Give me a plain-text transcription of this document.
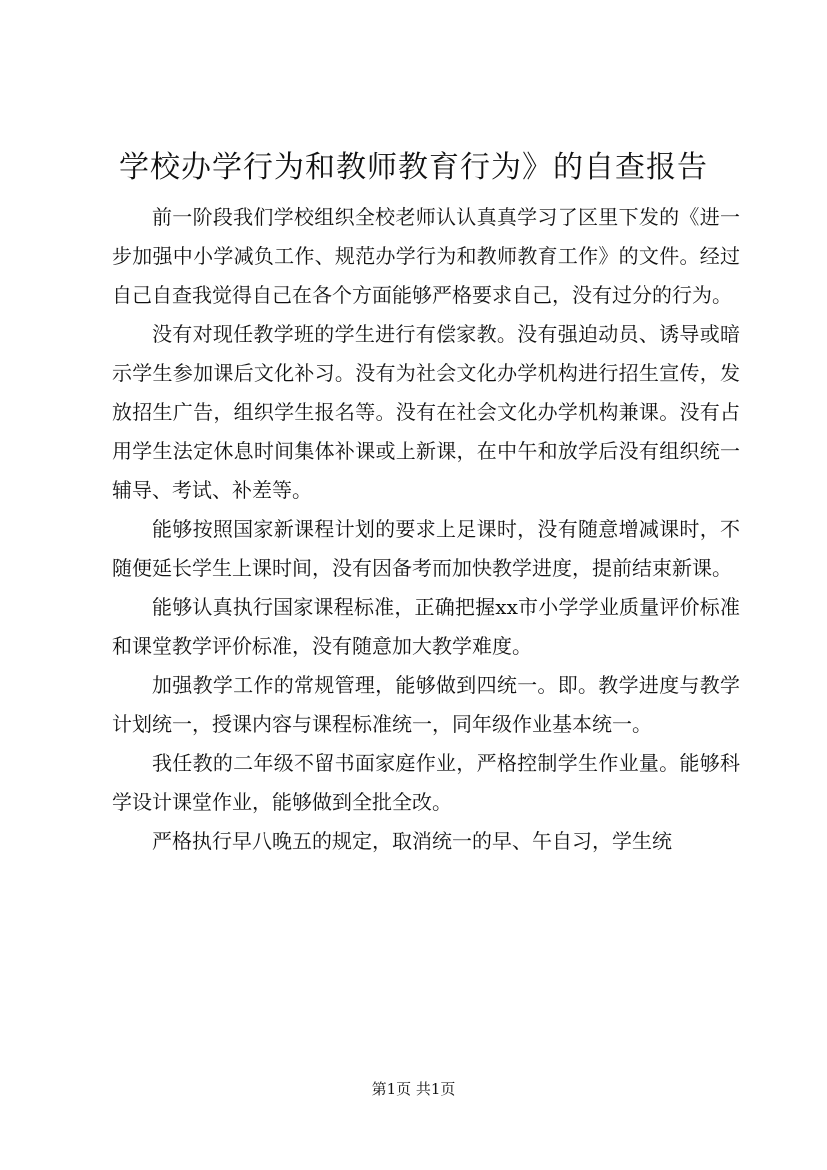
学校办学行为和教师教育行为》的自查报告

前一阶段我们学校组织全校老师认认真真学习了区里下发的《进一步加强中小学减负工作、规范办学行为和教师教育工作》的文件。经过自己自查我觉得自己在各个方面能够严格要求自己，没有过分的行为。

没有对现任教学班的学生进行有偿家教。没有强迫动员、诱导或暗示学生参加课后文化补习。没有为社会文化办学机构进行招生宣传，发放招生广告，组织学生报名等。没有在社会文化办学机构兼课。没有占用学生法定休息时间集体补课或上新课，在中午和放学后没有组织统一辅导、考试、补差等。

能够按照国家新课程计划的要求上足课时，没有随意增减课时，不随便延长学生上课时间，没有因备考而加快教学进度，提前结束新课。

能够认真执行国家课程标准，正确把握xx市小学学业质量评价标准和课堂教学评价标准，没有随意加大教学难度。

加强教学工作的常规管理，能够做到四统一。即。教学进度与教学计划统一，授课内容与课程标准统一，同年级作业基本统一。

我任教的二年级不留书面家庭作业，严格控制学生作业量。能够科学设计课堂作业，能够做到全批全改。

严格执行早八晚五的规定，取消统一的早、午自习，学生统

第1页 共1页
